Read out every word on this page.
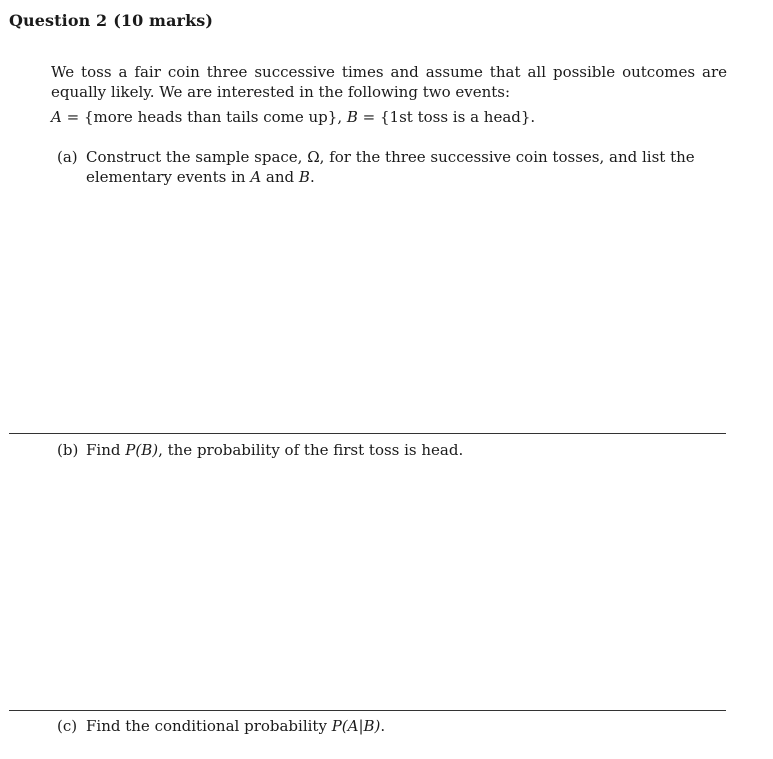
Question 2 (10 marks)
We toss a fair coin three successive times and assume that all possible outcomes are equally likely. We are interested in the following two events:
A = {more heads than tails come up}, B = {1st toss is a head}.
(a) Construct the sample space, Ω, for the three successive coin tosses, and list the elementary events in A and B.
(b) Find P(B), the probability of the first toss is head.
(c) Find the conditional probability P(A|B).
